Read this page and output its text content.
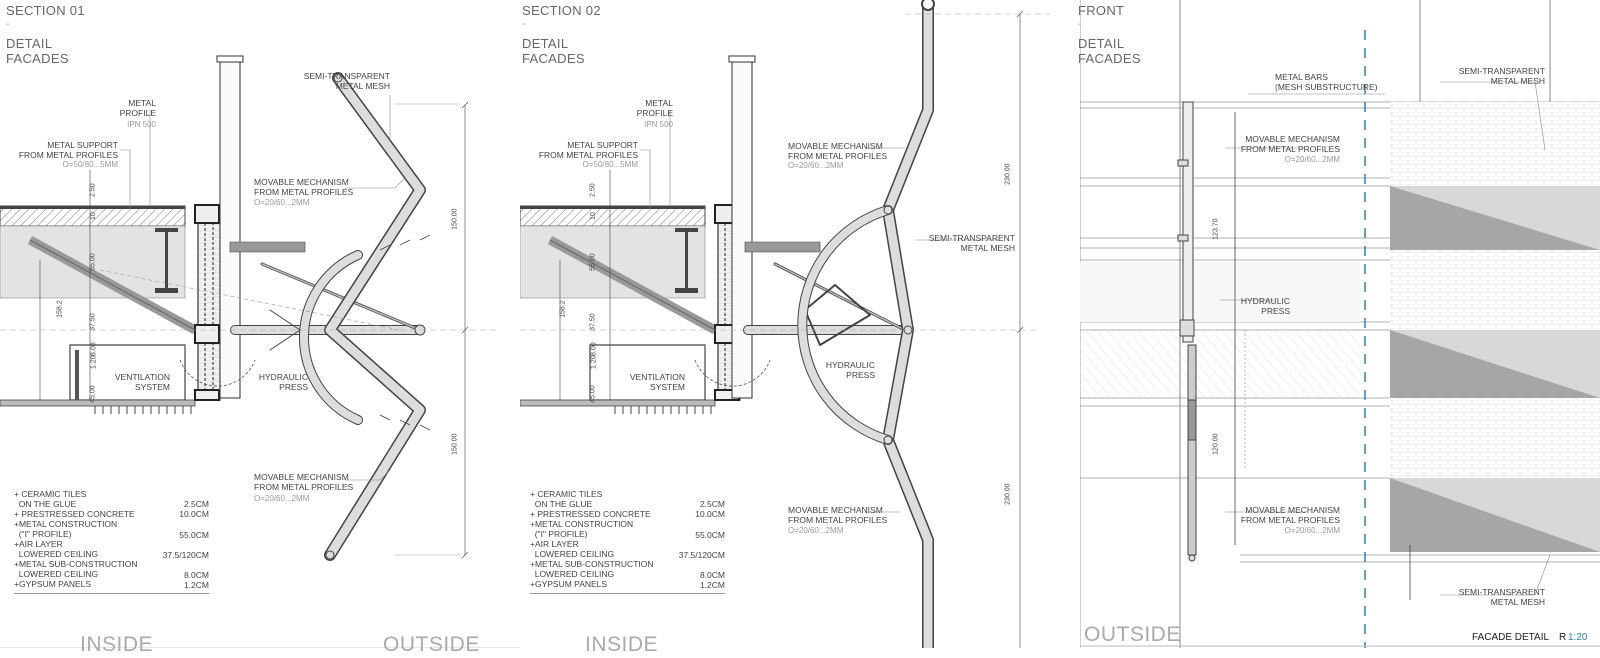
SECTION 01
-
DETAIL
FACADES
METAL
PROFILE
IPN 500
METAL SUPPORT
FROM METAL PROFILES
O=50/80...5MM
SEMI-TRANSPARENT
METAL MESH
MOVABLE MECHANISM
FROM METAL PROFILES
O=20/60...2MM
VENTILATION
SYSTEM
HYDRAULIC
PRESS
MOVABLE MECHANISM
FROM METAL PROFILES
O=20/60...2MM
2.50
10
55.00
37.50
1.20
8.00
45.00
158.2
150.00
150.00
+ CERAMIC TILES
ON THE GLUE	2.5CM
+ PRESTRESSED CONCRETE	10.0CM
+METAL CONSTRUCTION
("I" PROFILE)	55.0CM
+AIR LAYER
LOWERED CEILING	37.5/120CM
+METAL SUB-CONSTRUCTION
LOWERED CEILING	8.0CM
+GYPSUM PANELS	1.2CM
INSIDE	OUTSIDE
SECTION 02
-
DETAIL
FACADES
METAL
PROFILE
IPN 500
METAL SUPPORT
FROM METAL PROFILES
O=50/80...5MM
MOVABLE MECHANISM
FROM METAL PROFILES
O=20/60...2MM
SEMI-TRANSPARENT
METAL MESH
VENTILATION
SYSTEM
HYDRAULIC
PRESS
MOVABLE MECHANISM
FROM METAL PROFILES
O=20/60...2MM
2.50
10
55.00
37.50
1.20
8.00
45.00
158.2
230.00
230.00
+ CERAMIC TILES
ON THE GLUE	2.5CM
+ PRESTRESSED CONCRETE	10.0CM
+METAL CONSTRUCTION
("I" PROFILE)	55.0CM
+AIR LAYER
LOWERED CEILING	37.5/120CM
+METAL SUB-CONSTRUCTION
LOWERED CEILING	8.0CM
+GYPSUM PANELS	1.2CM
INSIDE
FRONT
-
DETAIL
FACADES
METAL BARS
(MESH SUBSTRUCTURE)
SEMI-TRANSPARENT
METAL MESH
MOVABLE MECHANISM
FROM METAL PROFILES
O=20/60...2MM
HYDRAULIC
PRESS
MOVABLE MECHANISM
FROM METAL PROFILES
O=20/60...2MM
SEMI-TRANSPARENT
METAL MESH
123.70
120.00
OUTSIDE	FACADE DETAIL R 1:20
